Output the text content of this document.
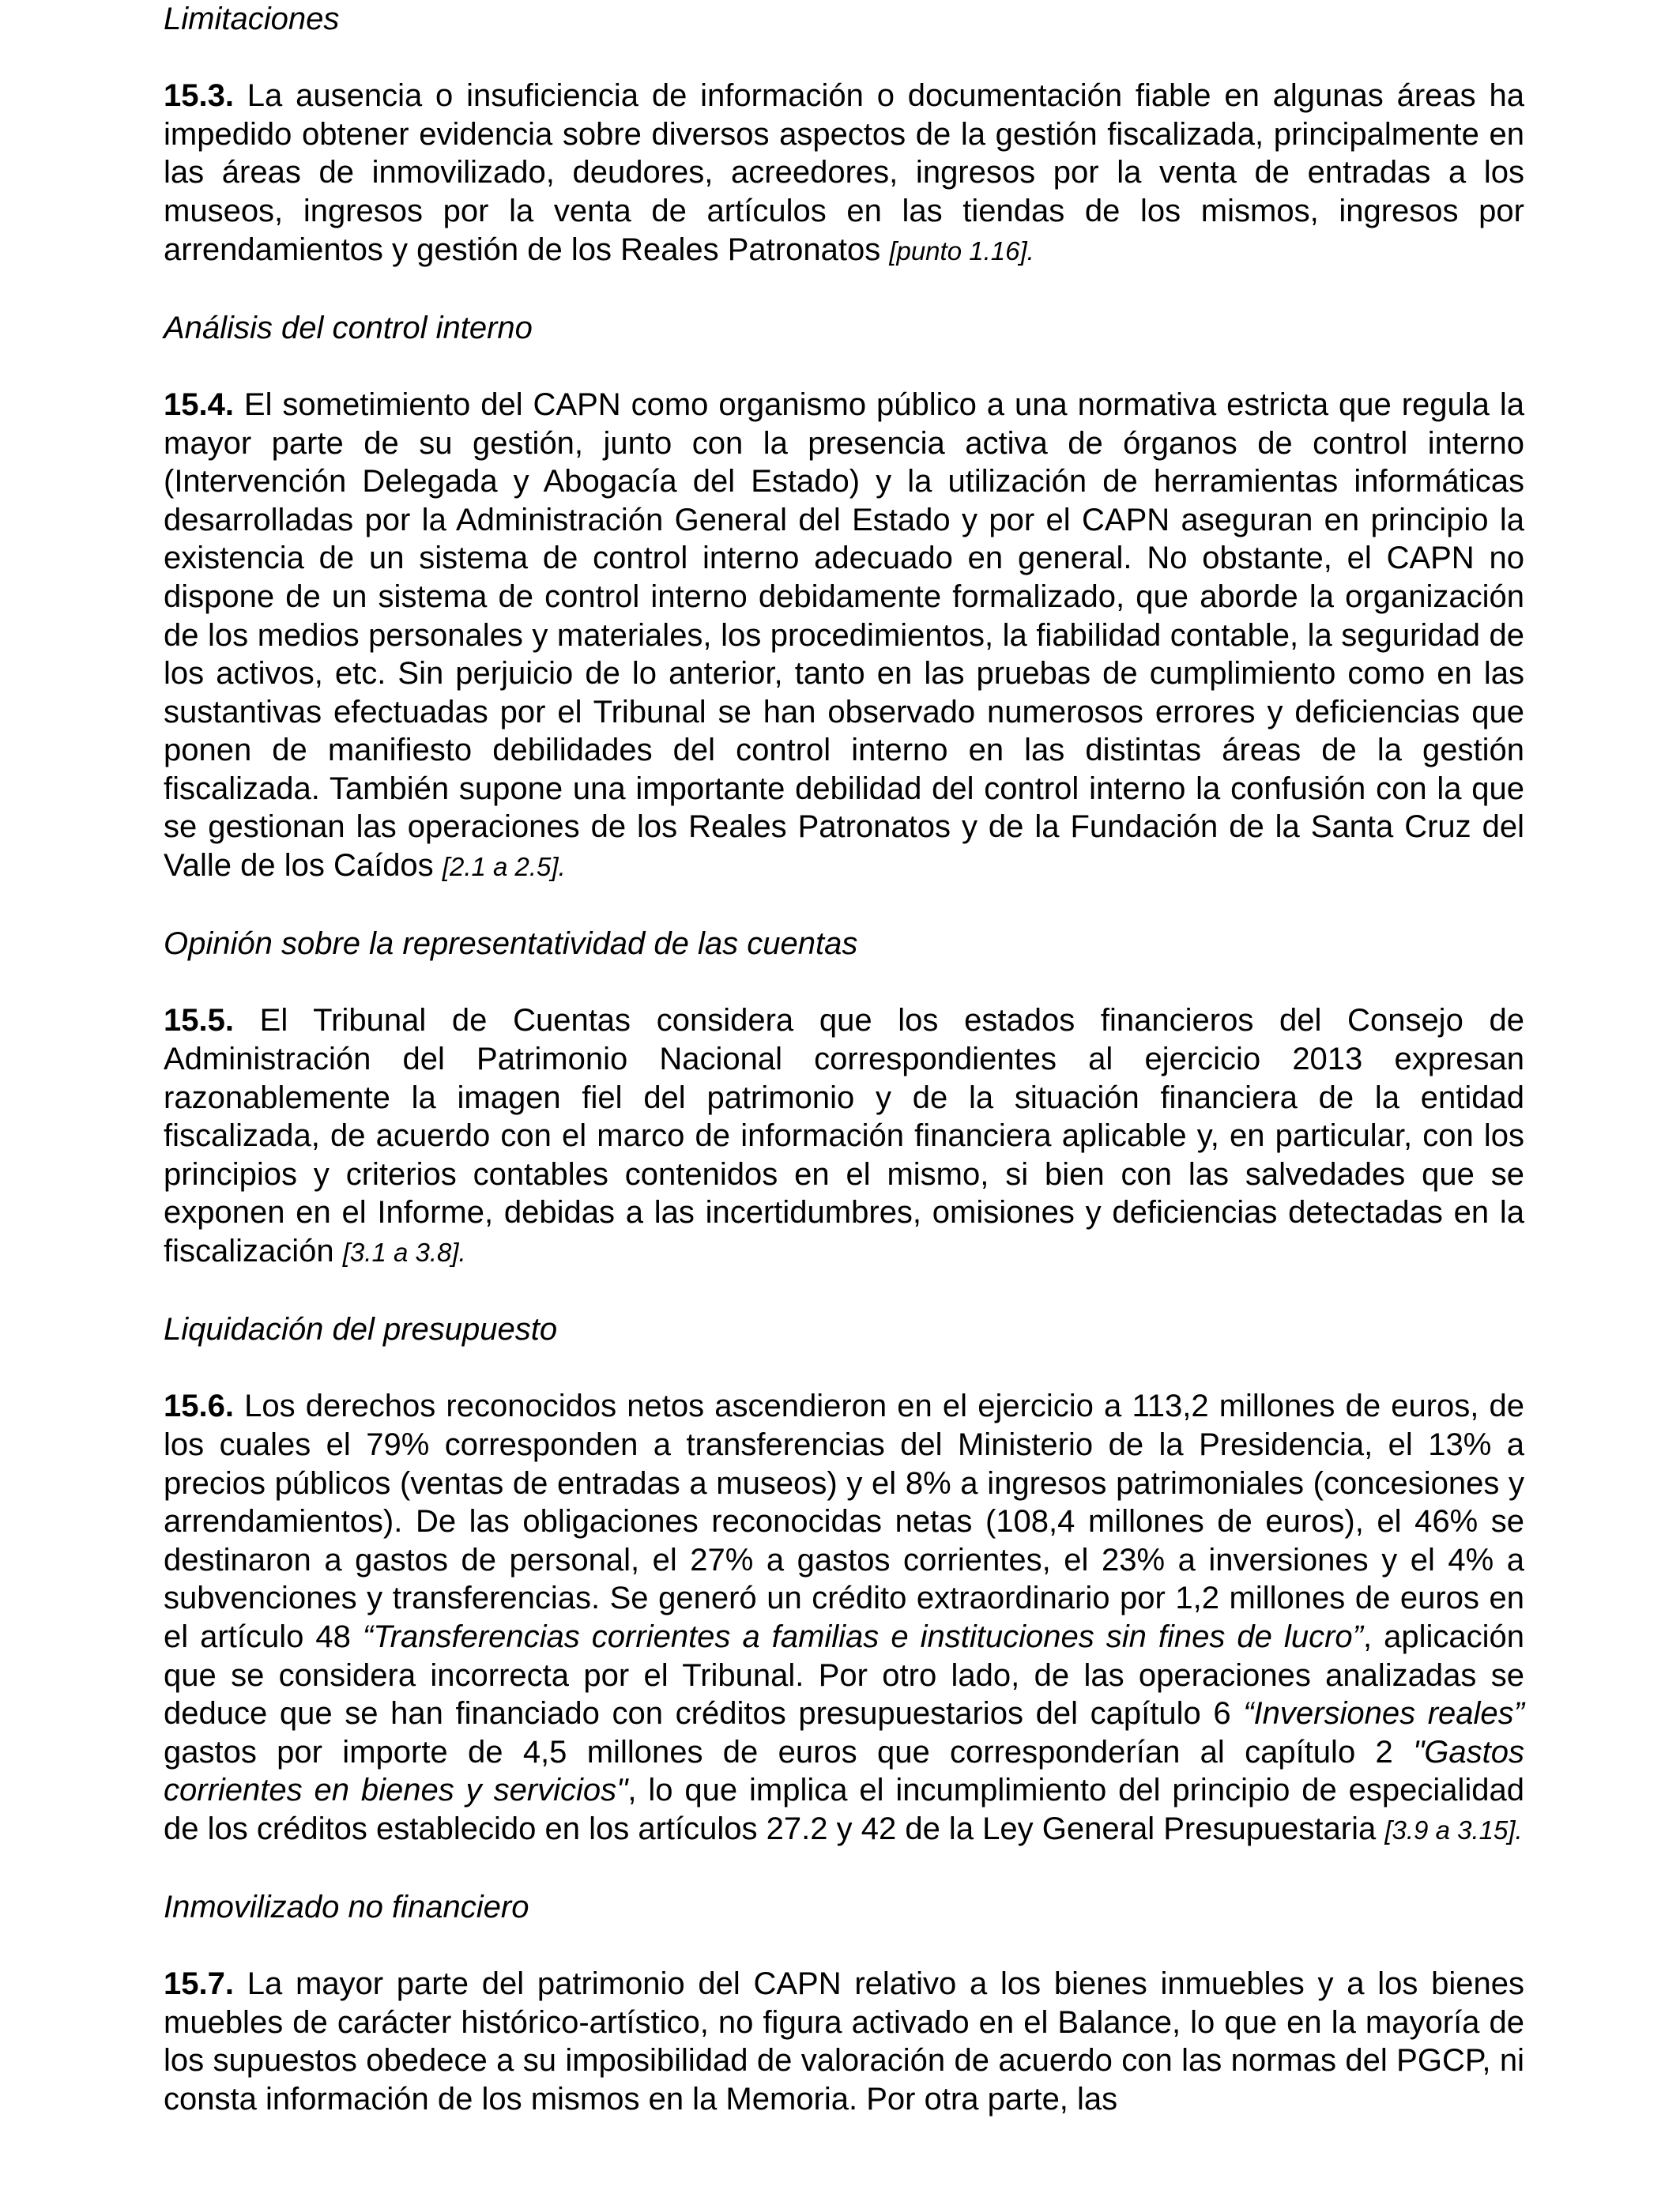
Limitaciones

15.3. La ausencia o insuficiencia de información o documentación fiable en algunas áreas ha impedido obtener evidencia sobre diversos aspectos de la gestión fiscalizada, principalmente en las áreas de inmovilizado, deudores, acreedores, ingresos por la venta de entradas a los museos, ingresos por la venta de artículos en las tiendas de los mismos, ingresos por arrendamientos y gestión de los Reales Patronatos [punto 1.16].

Análisis del control interno

15.4. El sometimiento del CAPN como organismo público a una normativa estricta que regula la mayor parte de su gestión, junto con la presencia activa de órganos de control interno (Intervención Delegada y Abogacía del Estado) y la utilización de herramientas informáticas desarrolladas por la Administración General del Estado y por el CAPN aseguran en principio la existencia de un sistema de control interno adecuado en general. No obstante, el CAPN no dispone de un sistema de control interno debidamente formalizado, que aborde la organización de los medios personales y materiales, los procedimientos, la fiabilidad contable, la seguridad de los activos, etc. Sin perjuicio de lo anterior, tanto en las pruebas de cumplimiento como en las sustantivas efectuadas por el Tribunal se han observado numerosos errores y deficiencias que ponen de manifiesto debilidades del control interno en las distintas áreas de la gestión fiscalizada. También supone una importante debilidad del control interno la confusión con la que se gestionan las operaciones de los Reales Patronatos y de la Fundación de la Santa Cruz del Valle de los Caídos [2.1 a 2.5].

Opinión sobre la representatividad de las cuentas

15.5. El Tribunal de Cuentas considera que los estados financieros del Consejo de Administración del Patrimonio Nacional correspondientes al ejercicio 2013 expresan razonablemente la imagen fiel del patrimonio y de la situación financiera de la entidad fiscalizada, de acuerdo con el marco de información financiera aplicable y, en particular, con los principios y criterios contables contenidos en el mismo, si bien con las salvedades que se exponen en el Informe, debidas a las incertidumbres, omisiones y deficiencias detectadas en la fiscalización [3.1 a 3.8].

Liquidación del presupuesto

15.6. Los derechos reconocidos netos ascendieron en el ejercicio a 113,2 millones de euros, de los cuales el 79% corresponden a transferencias del Ministerio de la Presidencia, el 13% a precios públicos (ventas de entradas a museos) y el 8% a ingresos patrimoniales (concesiones y arrendamientos). De las obligaciones reconocidas netas (108,4 millones de euros), el 46% se destinaron a gastos de personal, el 27% a gastos corrientes, el 23% a inversiones y el 4% a subvenciones y transferencias. Se generó un crédito extraordinario por 1,2 millones de euros en el artículo 48 “Transferencias corrientes a familias e instituciones sin fines de lucro”, aplicación que se considera incorrecta por el Tribunal. Por otro lado, de las operaciones analizadas se deduce que se han financiado con créditos presupuestarios del capítulo 6 “Inversiones reales” gastos por importe de 4,5 millones de euros que corresponderían al capítulo 2 "Gastos corrientes en bienes y servicios", lo que implica el incumplimiento del principio de especialidad de los créditos establecido en los artículos 27.2 y 42 de la Ley General Presupuestaria [3.9 a 3.15].

Inmovilizado no financiero

15.7. La mayor parte del patrimonio del CAPN relativo a los bienes inmuebles y a los bienes muebles de carácter histórico-artístico, no figura activado en el Balance, lo que en la mayoría de los supuestos obedece a su imposibilidad de valoración de acuerdo con las normas del PGCP, ni consta información de los mismos en la Memoria. Por otra parte, las
